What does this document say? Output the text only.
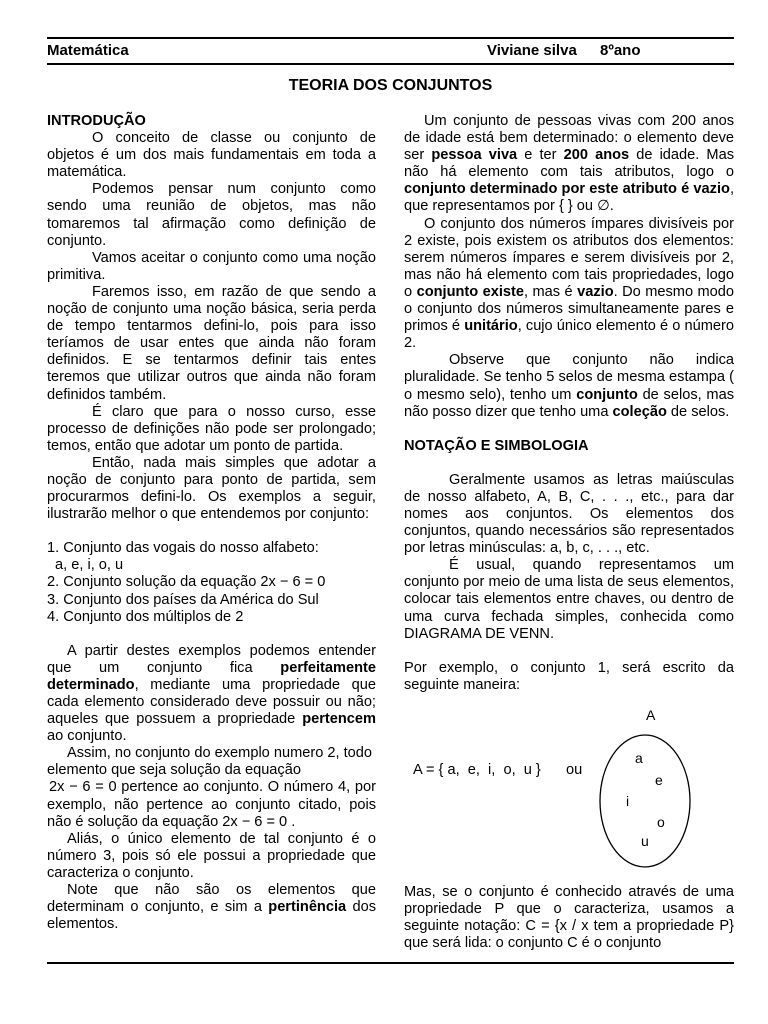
Matemática	Viviane silva 8ºano
TEORIA DOS CONJUNTOS

INTRODUÇÃO

O conceito de classe ou conjunto de objetos é um dos mais fundamentais em toda a matemática.

Podemos pensar num conjunto como sendo uma reunião de objetos, mas não tomaremos tal afirmação como definição de conjunto.

Vamos aceitar o conjunto como uma noção primitiva.

Faremos isso, em razão de que sendo a noção de conjunto uma noção básica, seria perda de tempo tentarmos defini-lo, pois para isso teríamos de usar entes que ainda não foram definidos. E se tentarmos definir tais entes teremos que utilizar outros que ainda não foram definidos também.

É claro que para o nosso curso, esse processo de definições não pode ser prolongado; temos, então que adotar um ponto de partida.

Então, nada mais simples que adotar a noção de conjunto para ponto de partida, sem procurarmos defini-lo. Os exemplos a seguir, ilustrarão melhor o que entendemos por conjunto:

1. Conjunto das vogais do nosso alfabeto:
a, e, i, o, u
2. Conjunto solução da equação 2x − 6 = 0
3. Conjunto dos países da América do Sul
4. Conjunto dos múltiplos de 2

A partir destes exemplos podemos entender que um conjunto fica perfeitamente determinado, mediante uma propriedade que cada elemento considerado deve possuir ou não; aqueles que possuem a propriedade pertencem ao conjunto.

Assim, no conjunto do exemplo numero 2, todo elemento que seja solução da equação

2x − 6 = 0 pertence ao conjunto. O número 4, por exemplo, não pertence ao conjunto citado, pois não é solução da equação 2x − 6 = 0 .

Aliás, o único elemento de tal conjunto é o número 3, pois só ele possui a propriedade que caracteriza o conjunto.

Note que não são os elementos que determinam o conjunto, e sim a pertinência dos elementos.

Um conjunto de pessoas vivas com 200 anos de idade está bem determinado: o elemento deve ser pessoa viva e ter 200 anos de idade. Mas não há elemento com tais atributos, logo o conjunto determinado por este atributo é vazio, que representamos por { } ou ∅.

O conjunto dos números ímpares divisíveis por 2 existe, pois existem os atributos dos elementos: serem números ímpares e serem divisíveis por 2, mas não há elemento com tais propriedades, logo o conjunto existe, mas é vazio. Do mesmo modo o conjunto dos números simultaneamente pares e primos é unitário, cujo único elemento é o número 2.

Observe que conjunto não indica pluralidade. Se tenho 5 selos de mesma estampa ( o mesmo selo), tenho um conjunto de selos, mas não posso dizer que tenho uma coleção de selos.

NOTAÇÃO E SIMBOLOGIA

Geralmente usamos as letras maiúsculas de nosso alfabeto, A, B, C, . . ., etc., para dar nomes aos conjuntos. Os elementos dos conjuntos, quando necessários são representados por letras minúsculas: a, b, c, . . ., etc.

É usual, quando representamos um conjunto por meio de uma lista de seus elementos, colocar tais elementos entre chaves, ou dentro de uma curva fechada simples, conhecida como DIAGRAMA DE VENN.

Por exemplo, o conjunto 1, será escrito da seguinte maneira:

A = { a,  e,  i,  o,  u } ou
A
a
e
i
o
u
Mas, se o conjunto é conhecido através de uma propriedade P que o caracteriza, usamos a seguinte notação: C = {x / x tem a propriedade P} que será lida: o conjunto C é o conjunto
